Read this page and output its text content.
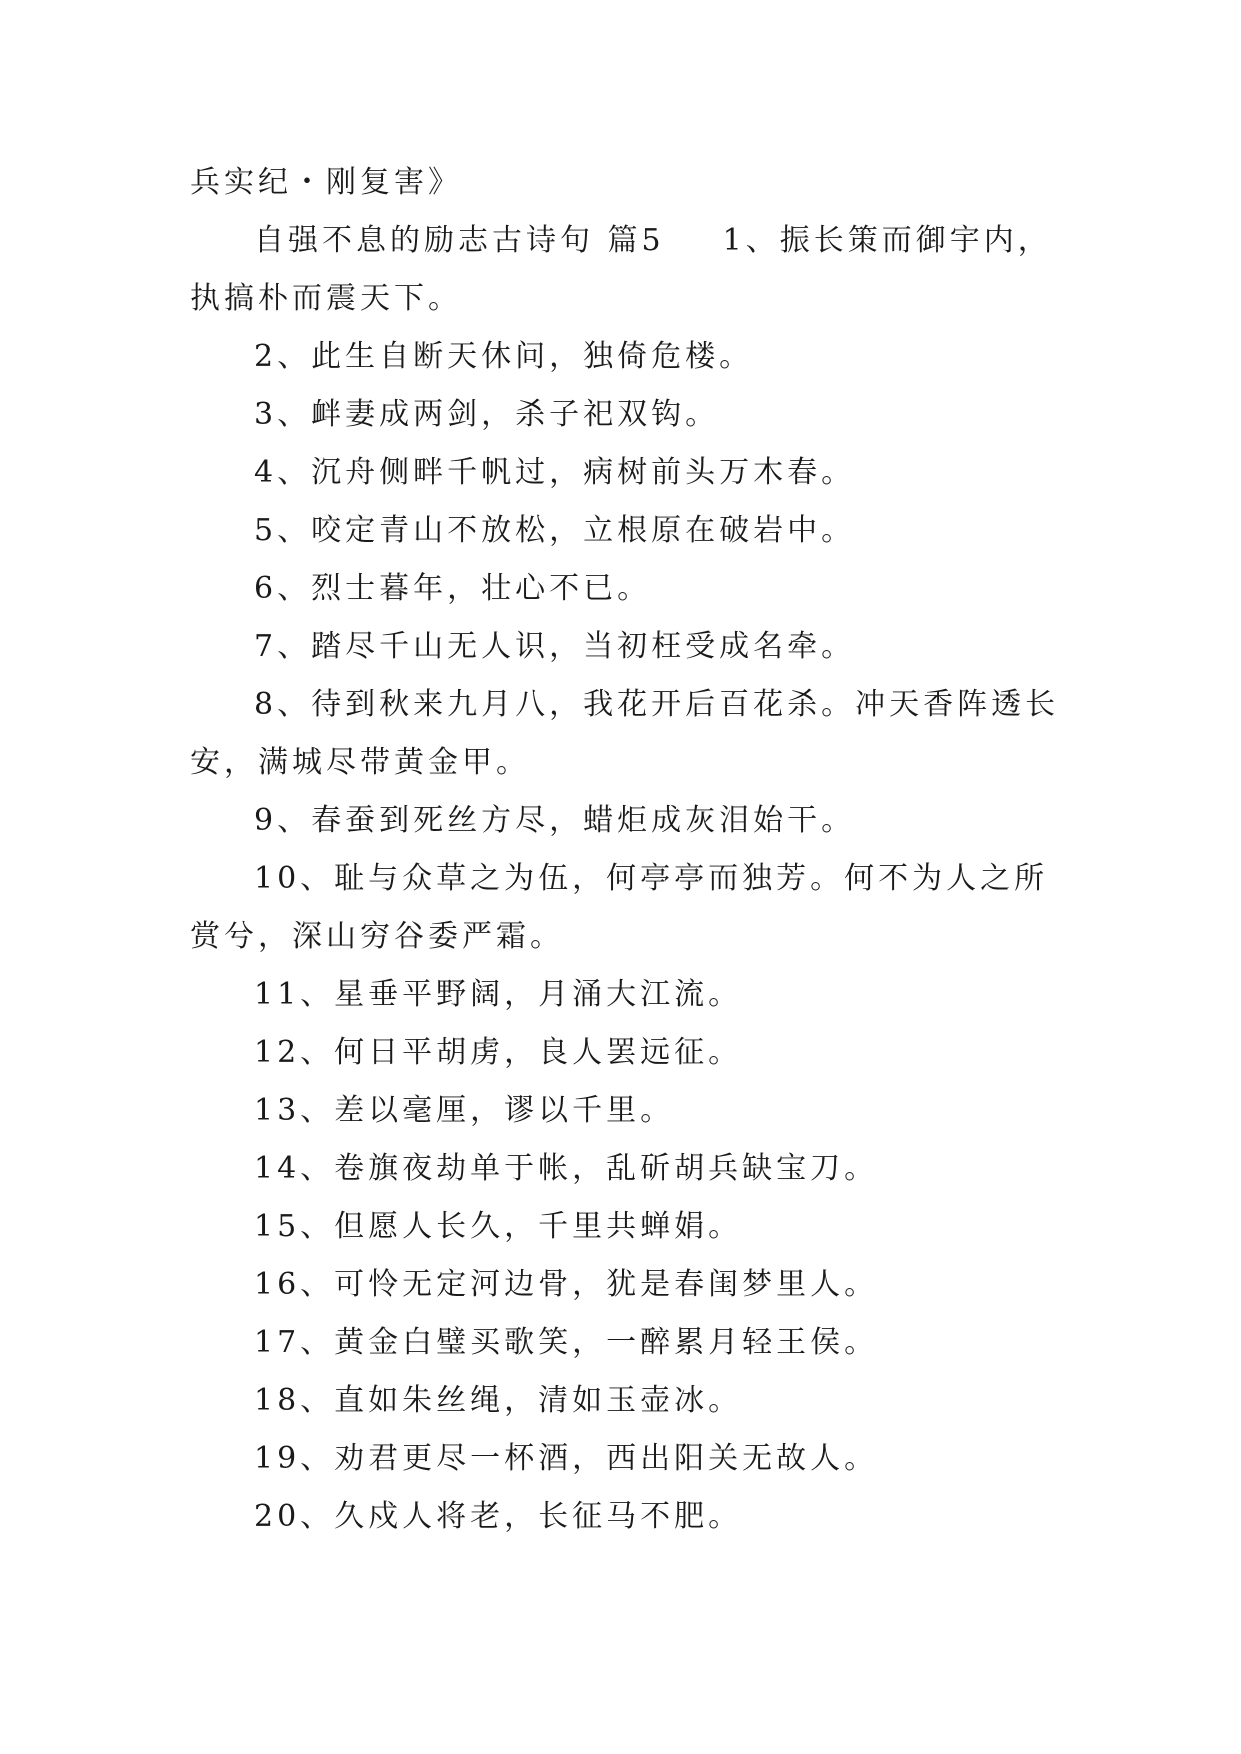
兵实纪・刚复害》

自强不息的励志古诗句 篇5 1、振长策而御宇内，执搞朴而震天下。

2、此生自断天休问，独倚危楼。

3、衅妻成两剑，杀子祀双钩。

4、沉舟侧畔千帆过，病树前头万木春。

5、咬定青山不放松，立根原在破岩中。

6、烈士暮年，壮心不已。

7、踏尽千山无人识，当初枉受成名牵。

8、待到秋来九月八，我花开后百花杀。冲天香阵透长安，满城尽带黄金甲。

9、春蚕到死丝方尽，蜡炬成灰泪始干。

10、耻与众草之为伍，何亭亭而独芳。何不为人之所赏兮，深山穷谷委严霜。

11、星垂平野阔，月涌大江流。

12、何日平胡虏，良人罢远征。

13、差以毫厘，谬以千里。

14、卷旗夜劫单于帐，乱斫胡兵缺宝刀。

15、但愿人长久，千里共蝉娟。

16、可怜无定河边骨，犹是春闺梦里人。

17、黄金白璧买歌笑，一醉累月轻王侯。

18、直如朱丝绳，清如玉壶冰。

19、劝君更尽一杯酒，西出阳关无故人。

20、久戍人将老，长征马不肥。
